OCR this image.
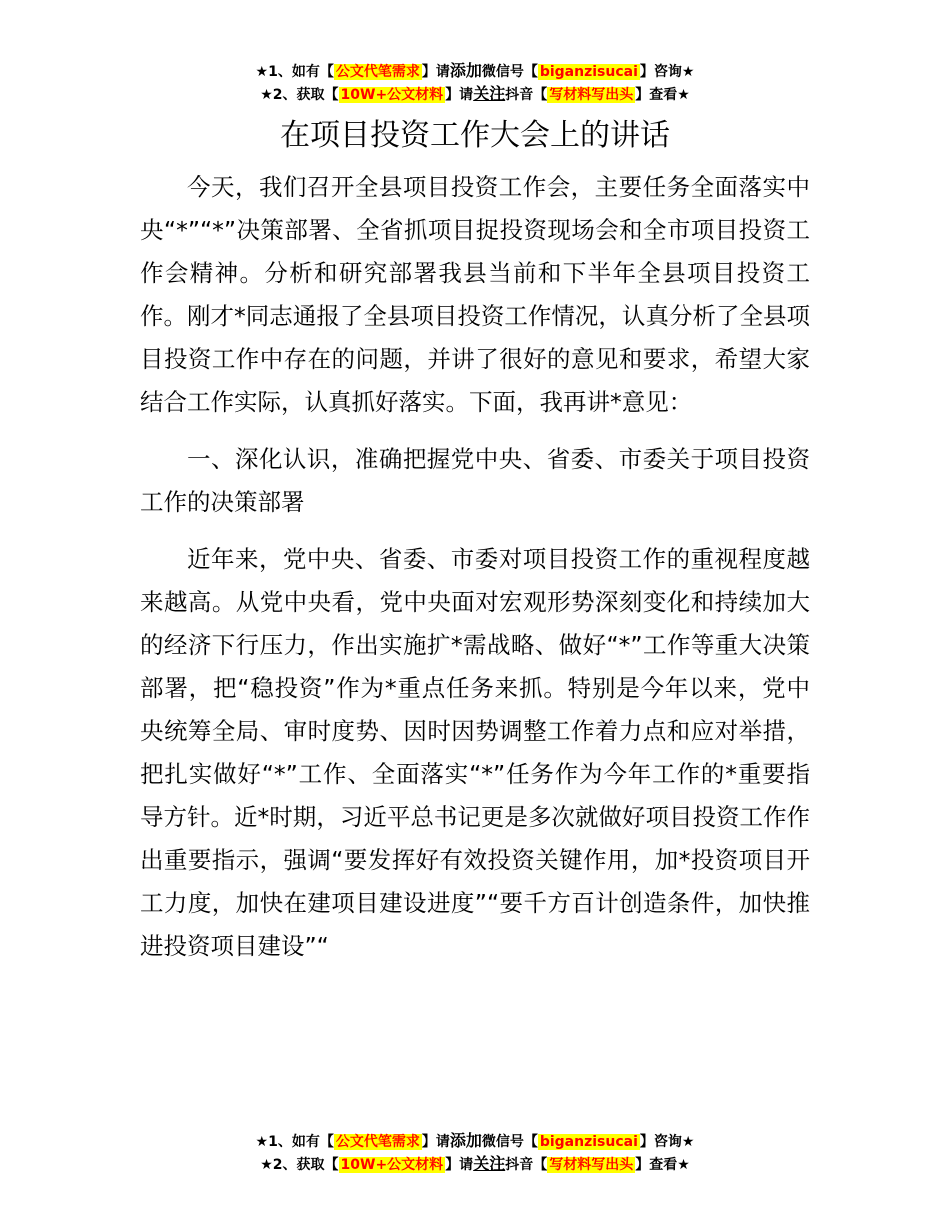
★1、如有【 公文代笔需求 】请添加微信号【 biganzisucai 】咨询★
★2、获取【 10W+公文材料 】请关注抖音【 写材料写出头 】查看★
在项目投资工作大会上的讲话

今天，我们召开全县项目投资工作会，主要任务全面落实中央“*”“*”决策部署、全省抓项目捉投资现场会和全市项目投资工作会精神。分析和研究部署我县当前和下半年全县项目投资工作。刚才*同志通报了全县项目投资工作情况，认真分析了全县项目投资工作中存在的问题，并讲了很好的意见和要求，希望大家结合工作实际，认真抓好落实。下面，我再讲*意见：

一、深化认识，准确把握党中央、省委、市委关于项目投资工作的决策部署

近年来，党中央、省委、市委对项目投资工作的重视程度越来越高。从党中央看，党中央面对宏观形势深刻变化和持续加大的经济下行压力，作出实施扩*需战略、做好“*”工作等重大决策部署，把“稳投资”作为*重点任务来抓。特别是今年以来，党中央统筹全局、审时度势、因时因势调整工作着力点和应对举措，把扎实做好“*”工作、全面落实“*”任务作为今年工作的*重要指导方针。近*时期，习近平总书记更是多次就做好项目投资工作作出重要指示，强调“要发挥好有效投资关键作用，加*投资项目开工力度，加快在建项目建设进度”“要千方百计创造条件，加快推进投资项目建设”“

★1、如有【 公文代笔需求 】请添加微信号【 biganzisucai 】咨询★
★2、获取【 10W+公文材料 】请关注抖音【 写材料写出头 】查看★
